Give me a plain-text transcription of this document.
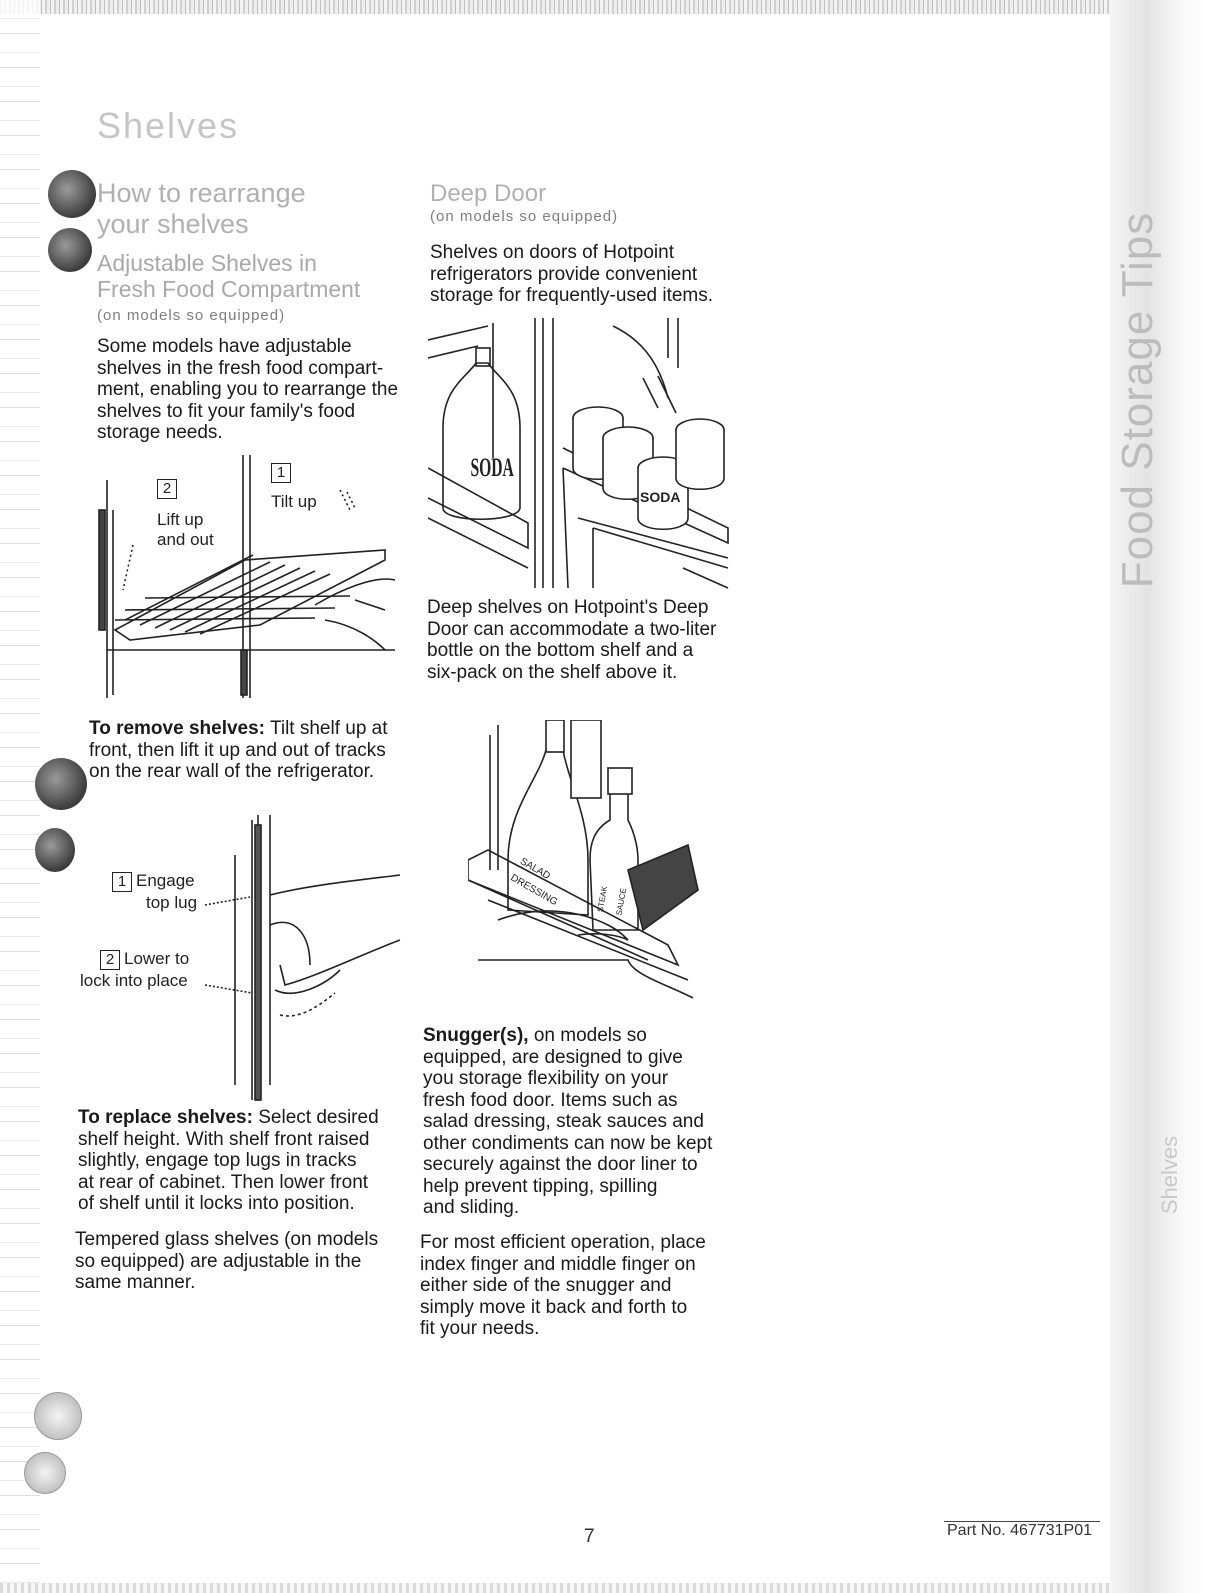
Food Storage Tips
Shelves
Shelves
How to rearrange your shelves
Adjustable Shelves in
Fresh Food Compartment
(on models so equipped)
Some models have adjustable
shelves in the fresh food compart-
ment, enabling you to rearrange the
shelves to fit your family's food
storage needs.
2
Lift up
and out
1
Tilt up
To remove shelves: Tilt shelf up at
front, then lift it up and out of tracks
on the rear wall of the refrigerator.
1 Engage
top lug
2 Lower to
lock into place
To replace shelves: Select desired
shelf height. With shelf front raised
slightly, engage top lugs in tracks
at rear of cabinet. Then lower front
of shelf until it locks into position.
Tempered glass shelves (on models
so equipped) are adjustable in the
same manner.
Deep Door
(on models so equipped)
Shelves on doors of Hotpoint
refrigerators provide convenient
storage for frequently-used items.
SODA
SODA
Deep shelves on Hotpoint's Deep
Door can accommodate a two-liter
bottle on the bottom shelf and a
six-pack on the shelf above it.
SALAD DRESSING	STEAK SAUCE
Snugger(s), on models so
equipped, are designed to give
you storage flexibility on your
fresh food door. Items such as
salad dressing, steak sauces and
other condiments can now be kept
securely against the door liner to
help prevent tipping, spilling
and sliding.
For most efficient operation, place
index finger and middle finger on
either side of the snugger and
simply move it back and forth to
fit your needs.
7	Part No. 467731P01
